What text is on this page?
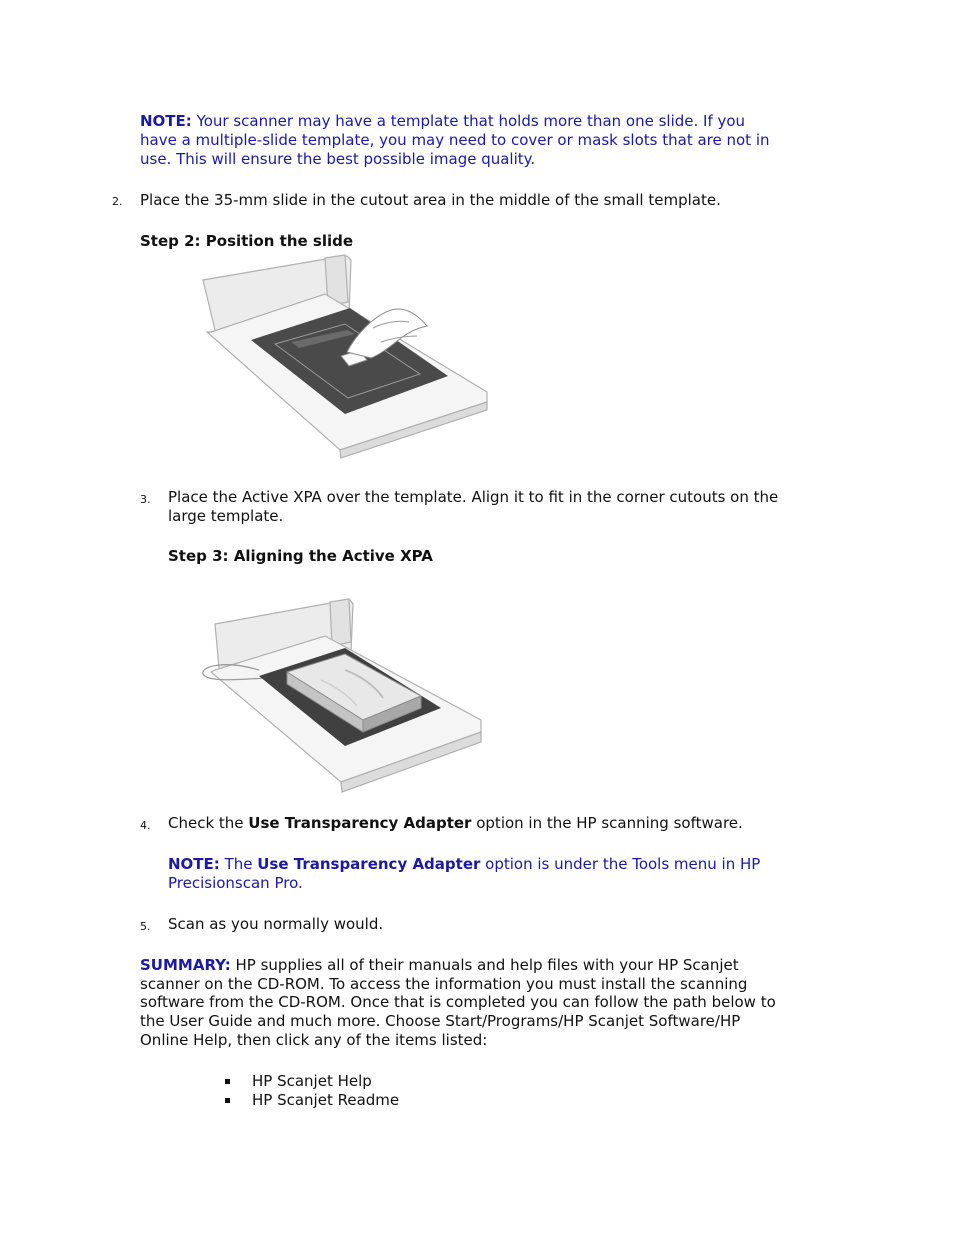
NOTE: Your scanner may have a template that holds more than one slide. If you
have a multiple-slide template, you may need to cover or mask slots that are not in
use. This will ensure the best possible image quality.
2. Place the 35-mm slide in the cutout area in the middle of the small template.
Step 2: Position the slide
3. Place the Active XPA over the template. Align it to fit in the corner cutouts on the
large template.
Step 3: Aligning the Active XPA
4. Check the Use Transparency Adapter option in the HP scanning software.
NOTE: The Use Transparency Adapter option is under the Tools menu in HP
Precisionscan Pro.
5. Scan as you normally would.
SUMMARY: HP supplies all of their manuals and help files with your HP Scanjet
scanner on the CD-ROM. To access the information you must install the scanning
software from the CD-ROM. Once that is completed you can follow the path below to
the User Guide and much more. Choose Start/Programs/HP Scanjet Software/HP
Online Help, then click any of the items listed:
HP Scanjet Help
HP Scanjet Readme
